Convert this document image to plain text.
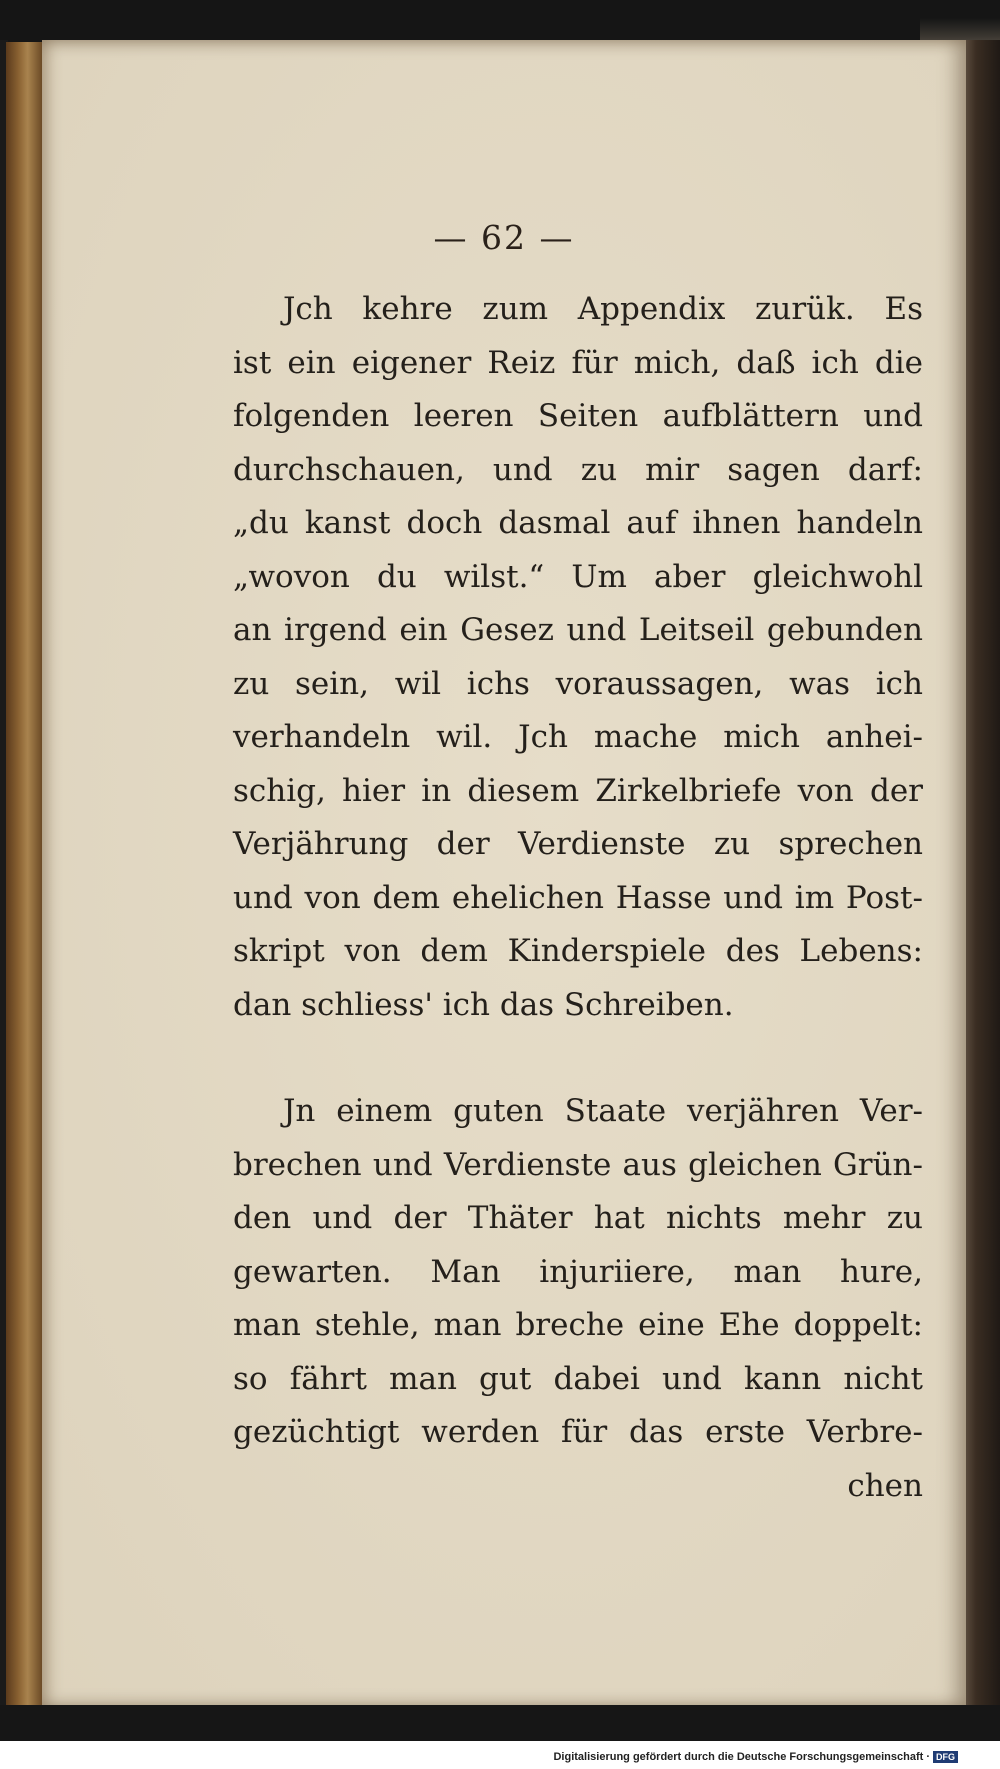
— 62 —
Jch kehre zum Appendix zurük. Es
ist ein eigener Reiz für mich, daß ich die
folgenden leeren Seiten aufblättern und
durchschauen, und zu mir sagen darf:
„du kanst doch dasmal auf ihnen handeln
„wovon du wilst.“ Um aber gleichwohl
an irgend ein Gesez und Leitseil gebunden
zu sein, wil ichs voraussagen, was ich
verhandeln wil. Jch mache mich anhei-
schig, hier in diesem Zirkelbriefe von der
Verjährung der Verdienste zu sprechen
und von dem ehelichen Hasse und im Post-
skript von dem Kinderspiele des Lebens:
dan schliess' ich das Schreiben.
Jn einem guten Staate verjähren Ver-
brechen und Verdienste aus gleichen Grün-
den und der Thäter hat nichts mehr zu
gewarten. Man injuriiere, man hure,
man stehle, man breche eine Ehe doppelt:
so fährt man gut dabei und kann nicht
gezüchtigt werden für das erste Verbre-
chen
Digitalisierung gefördert durch die Deutsche Forschungsgemeinschaft · DFG
